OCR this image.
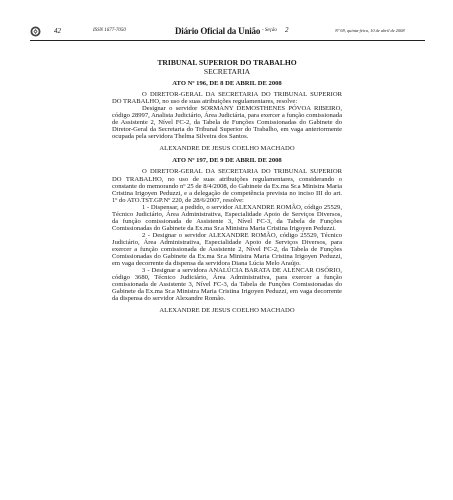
42	ISSN 1677-7050	Diário Oficial da União - Seção 2	Nº 69, quinta-feira, 10 de abril de 2008

TRIBUNAL SUPERIOR DO TRABALHO

SECRETARIA

ATO Nº 196, DE 8 DE ABRIL DE 2008

O DIRETOR-GERAL DA SECRETARIA DO TRIBUNAL SUPERIOR DO TRABALHO, no uso de suas atribuições regulamentares, resolve:

Designar o servidor SORMANY DEMOSTHENES PÓVOA RIBEIRO, código 28997, Analista Judiciário, Área Judiciária, para exercer a função comissionada de Assistente 2, Nível FC-2, da Tabela de Funções Comissionadas do Gabinete do Diretor-Geral da Secretaria do Tribunal Superior do Trabalho, em vaga anteriormente ocupada pela servidora Thelma Silveira dos Santos.

ALEXANDRE DE JESUS COELHO MACHADO

ATO Nº 197, DE 9 DE ABRIL DE 2008

O DIRETOR-GERAL DA SECRETARIA DO TRIBUNAL SUPERIOR DO TRABALHO, no uso de suas atribuições regulamentares, considerando o constante do memorando nº 25 de 8/4/2008, do Gabinete da Ex.ma Sr.a Ministra Maria Cristina Irigoyen Peduzzi, e a delegação de competência prevista no inciso III do art. 1º do ATO.TST.GP.Nº 220, de 28/6/2007, resolve:

1 - Dispensar, a pedido, o servidor ALEXANDRE ROMÃO, código 25529, Técnico Judiciário, Área Administrativa, Especialidade Apoio de Serviços Diversos, da função comissionada de Assistente 3, Nível FC-3, da Tabela de Funções Comissionadas do Gabinete da Ex.ma Sr.a Ministra Maria Cristina Irigoyen Peduzzi.

2 - Designar o servidor ALEXANDRE ROMÃO, código 25529, Técnico Judiciário, Área Administrativa, Especialidade Apoio de Serviços Diversos, para exercer a função comissionada de Assistente 2, Nível FC-2, da Tabela de Funções Comissionadas do Gabinete da Ex.ma Sr.a Ministra Maria Cristina Irigoyen Peduzzi, em vaga decorrente da dispensa da servidora Diana Lúcia Melo Araújo.

3 - Designar a servidora ANALÚCIA BARATA DE ALENCAR OSÓRIO, código 3680, Técnico Judiciário, Área Administrativa, para exercer a função comissionada de Assistente 3, Nível FC-3, da Tabela de Funções Comissionadas do Gabinete da Ex.ma Sr.a Ministra Maria Cristina Irigoyen Peduzzi, em vaga decorrente da dispensa do servidor Alexandre Romão.

ALEXANDRE DE JESUS COELHO MACHADO
